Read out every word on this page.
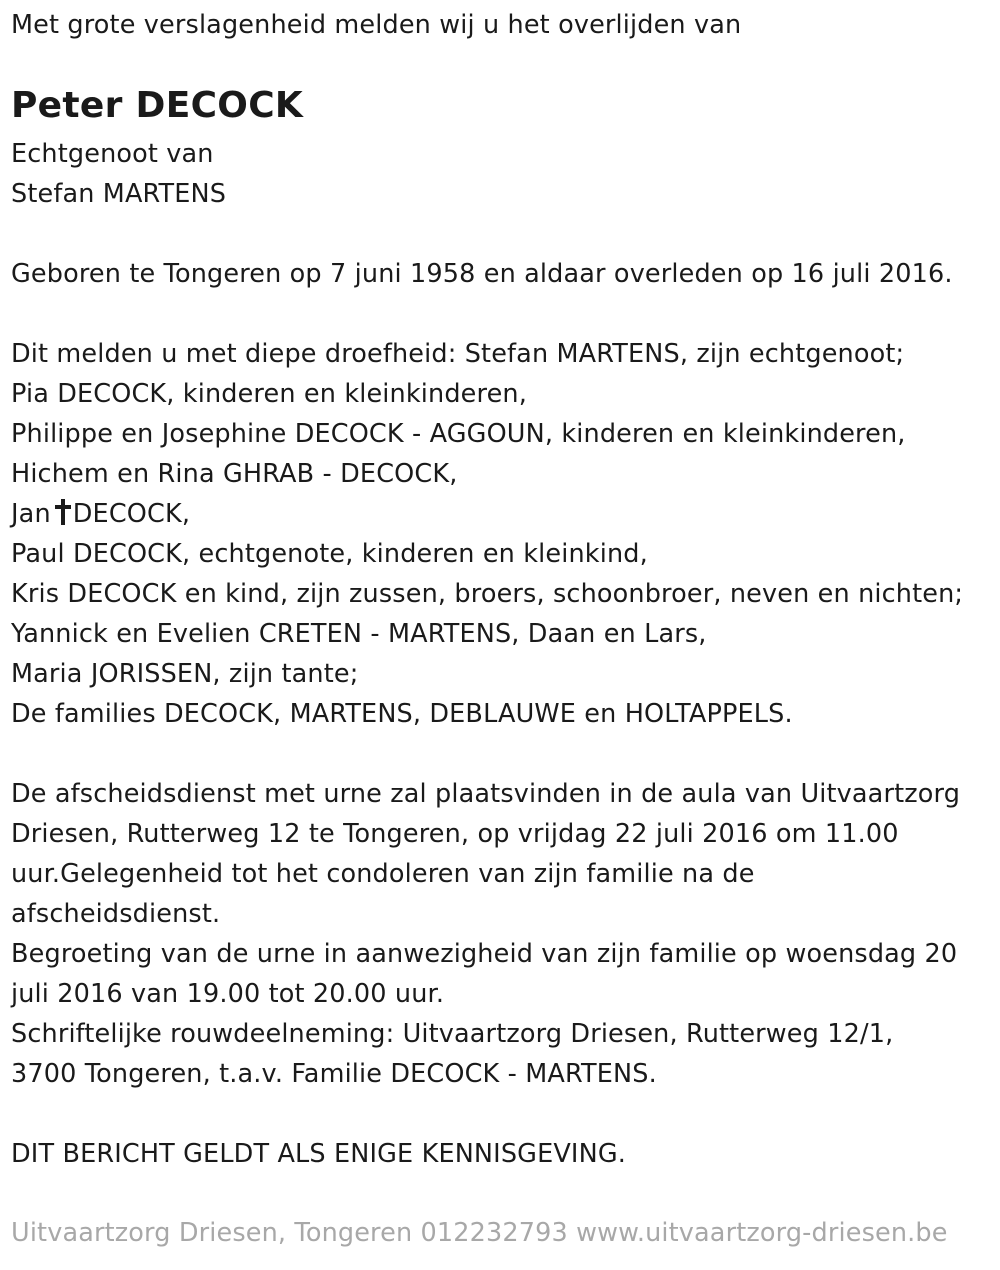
Met grote verslagenheid melden wij u het overlijden van
Peter DECOCK
Echtgenoot van
Stefan MARTENS
Geboren te Tongeren op 7 juni 1958 en aldaar overleden op 16 juli 2016.
Dit melden u met diepe droefheid: Stefan MARTENS, zijn echtgenoot;
Pia DECOCK, kinderen en kleinkinderen,
Philippe en Josephine DECOCK - AGGOUN, kinderen en kleinkinderen,
Hichem en Rina GHRAB - DECOCK,
Jan DECOCK,
Paul DECOCK, echtgenote, kinderen en kleinkind,
Kris DECOCK en kind, zijn zussen, broers, schoonbroer, neven en nichten;
Yannick en Evelien CRETEN - MARTENS, Daan en Lars,
Maria JORISSEN, zijn tante;
De families DECOCK, MARTENS, DEBLAUWE en HOLTAPPELS.
De afscheidsdienst met urne zal plaatsvinden in de aula van Uitvaartzorg
Driesen, Rutterweg 12 te Tongeren, op vrijdag 22 juli 2016 om 11.00
uur.Gelegenheid tot het condoleren van zijn familie na de
afscheidsdienst.
Begroeting van de urne in aanwezigheid van zijn familie op woensdag 20
juli 2016 van 19.00 tot 20.00 uur.
Schriftelijke rouwdeelneming: Uitvaartzorg Driesen, Rutterweg 12/1,
3700 Tongeren, t.a.v. Familie DECOCK - MARTENS.
DIT BERICHT GELDT ALS ENIGE KENNISGEVING.
Uitvaartzorg Driesen, Tongeren 012232793 www.uitvaartzorg-driesen.be
